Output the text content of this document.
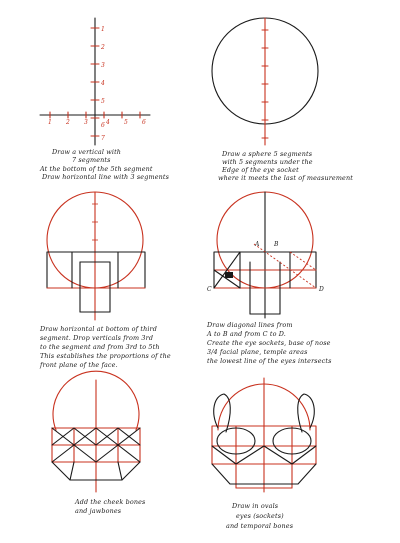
1
2
3
4
5
6
7
1 2 3	4 5 6
Draw a vertical with
7 segments
At the bottom of the 5th segment
Draw horizontal line with 3 segments
Draw a sphere 5 segments
with 5 segments under the
Edge of the eye socket
where it meets the last of measurement
Draw horizontal at bottom of third
segment. Drop verticals from 3rd
to the segment and from 3rd to 5th
This establishes the proportions of the
front plane of the face.
A B
C	D
Draw diagonal lines from
A to B and from C to D.
Create the eye sockets, base of nose
3/4 facial plane, temple areas
the lowest line of the eyes intersects
Add the cheek bones
and jawbones
Draw in ovals
eyes (sockets)
and temporal bones
